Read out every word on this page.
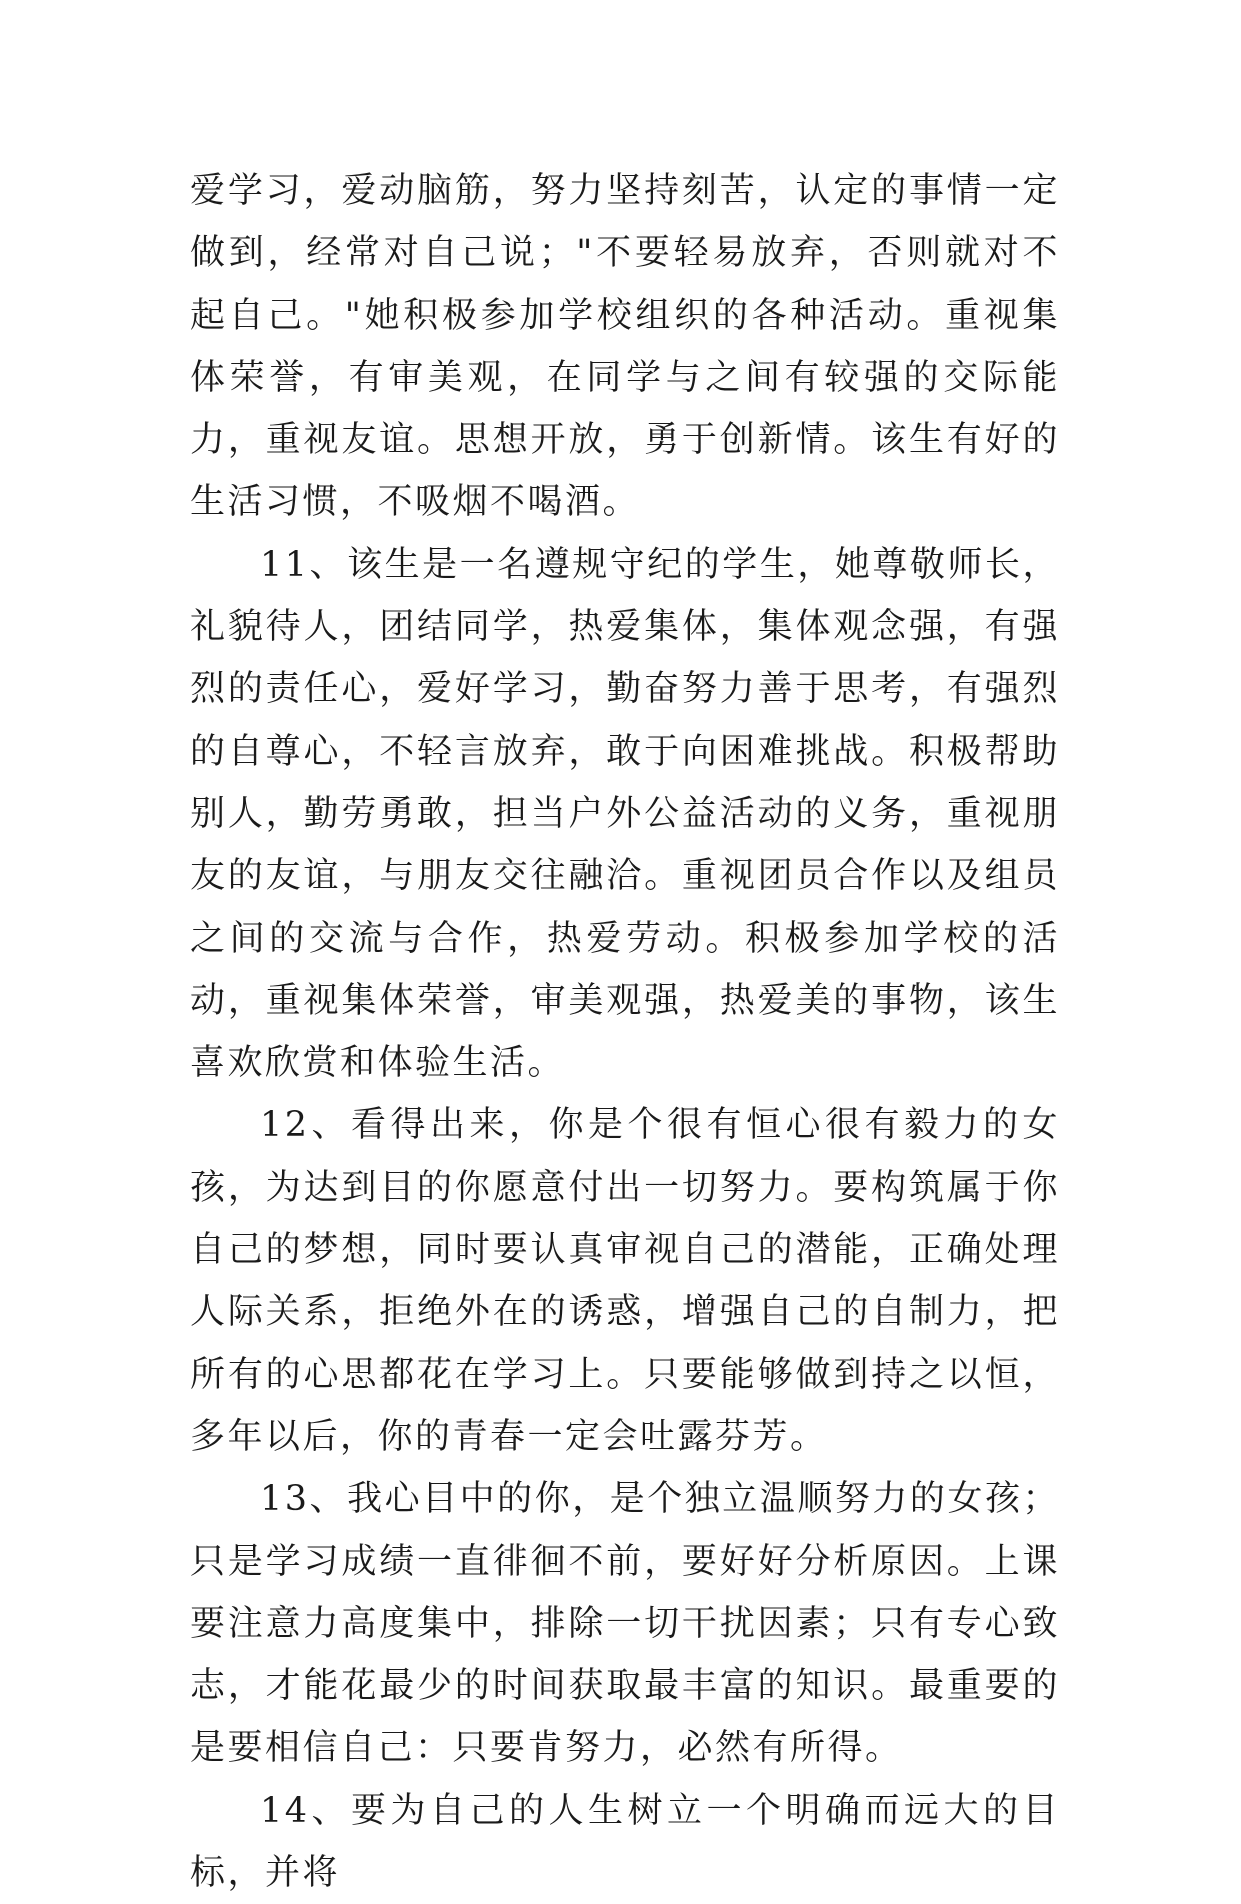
爱学习，爱动脑筋，努力坚持刻苦，认定的事情一定做到，经常对自己说；"不要轻易放弃，否则就对不起自己。"她积极参加学校组织的各种活动。重视集体荣誉，有审美观，在同学与之间有较强的交际能力，重视友谊。思想开放，勇于创新情。该生有好的生活习惯，不吸烟不喝酒。

11、该生是一名遵规守纪的学生，她尊敬师长，礼貌待人，团结同学，热爱集体，集体观念强，有强烈的责任心，爱好学习，勤奋努力善于思考，有强烈的自尊心，不轻言放弃，敢于向困难挑战。积极帮助别人，勤劳勇敢，担当户外公益活动的义务，重视朋友的友谊，与朋友交往融洽。重视团员合作以及组员之间的交流与合作，热爱劳动。积极参加学校的活动，重视集体荣誉，审美观强，热爱美的事物，该生喜欢欣赏和体验生活。

12、看得出来，你是个很有恒心很有毅力的女孩，为达到目的你愿意付出一切努力。要构筑属于你自己的梦想，同时要认真审视自己的潜能，正确处理人际关系，拒绝外在的诱惑，增强自己的自制力，把所有的心思都花在学习上。只要能够做到持之以恒，多年以后，你的青春一定会吐露芬芳。

13、我心目中的你，是个独立温顺努力的女孩；只是学习成绩一直徘徊不前，要好好分析原因。上课要注意力高度集中，排除一切干扰因素；只有专心致志，才能花最少的时间获取最丰富的知识。最重要的是要相信自己：只要肯努力，必然有所得。

14、要为自己的人生树立一个明确而远大的目标，并将
